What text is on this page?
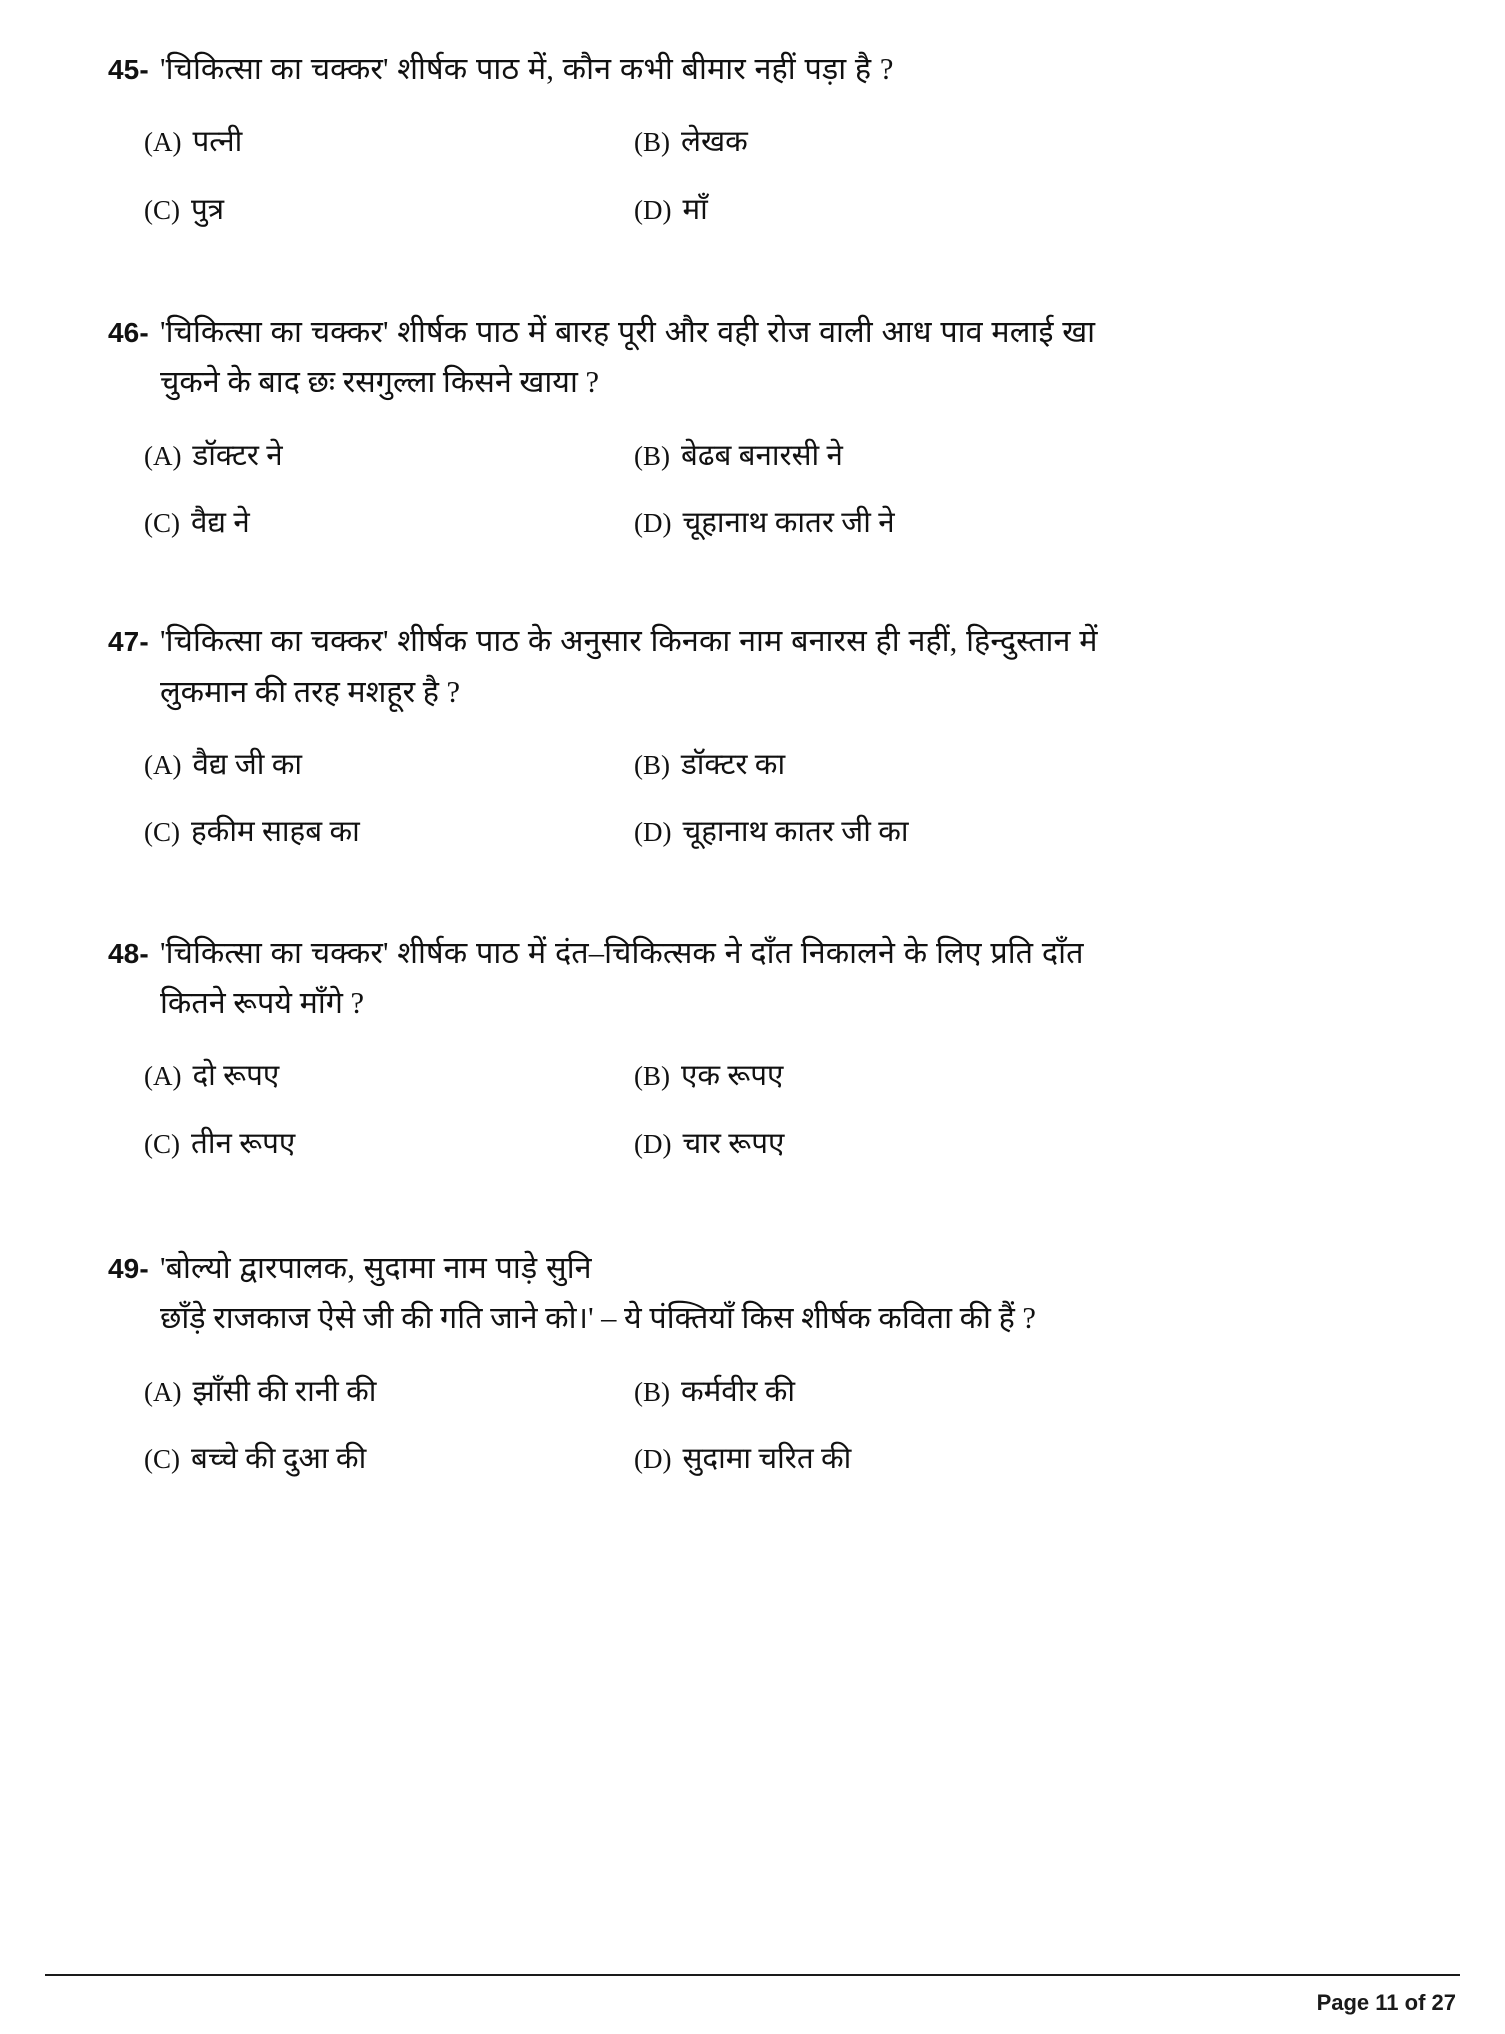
45- 'चिकित्सा का चक्कर' शीर्षक पाठ में, कौन कभी बीमार नहीं पड़ा है ?
(A) पत्नी	(B) लेखक
(C) पुत्र	(D) माँ
46- 'चिकित्सा का चक्कर' शीर्षक पाठ में बारह पूरी और वही रोज वाली आध पाव मलाई खा
चुकने के बाद छः रसगुल्ला किसने खाया ?
(A) डॉक्टर ने	(B) बेढब बनारसी ने
(C) वैद्य ने	(D) चूहानाथ कातर जी ने
47- 'चिकित्सा का चक्कर' शीर्षक पाठ के अनुसार किनका नाम बनारस ही नहीं, हिन्दुस्तान में
लुकमान की तरह मशहूर है ?
(A) वैद्य जी का	(B) डॉक्टर का
(C) हकीम साहब का	(D) चूहानाथ कातर जी का
48- 'चिकित्सा का चक्कर' शीर्षक पाठ में दंत–चिकित्सक ने दाँत निकालने के लिए प्रति दाँत
कितने रूपये माँगे ?
(A) दो रूपए	(B) एक रूपए
(C) तीन रूपए	(D) चार रूपए
49- 'बोल्यो द्वारपालक, सुदामा नाम पाड़े सुनि
छाँड़े राजकाज ऐसे जी की गति जाने को।' – ये पंक्तियाँ किस शीर्षक कविता की हैं ?
(A) झाँसी की रानी की	(B) कर्मवीर की
(C) बच्चे की दुआ की	(D) सुदामा चरित की
Page 11 of 27
